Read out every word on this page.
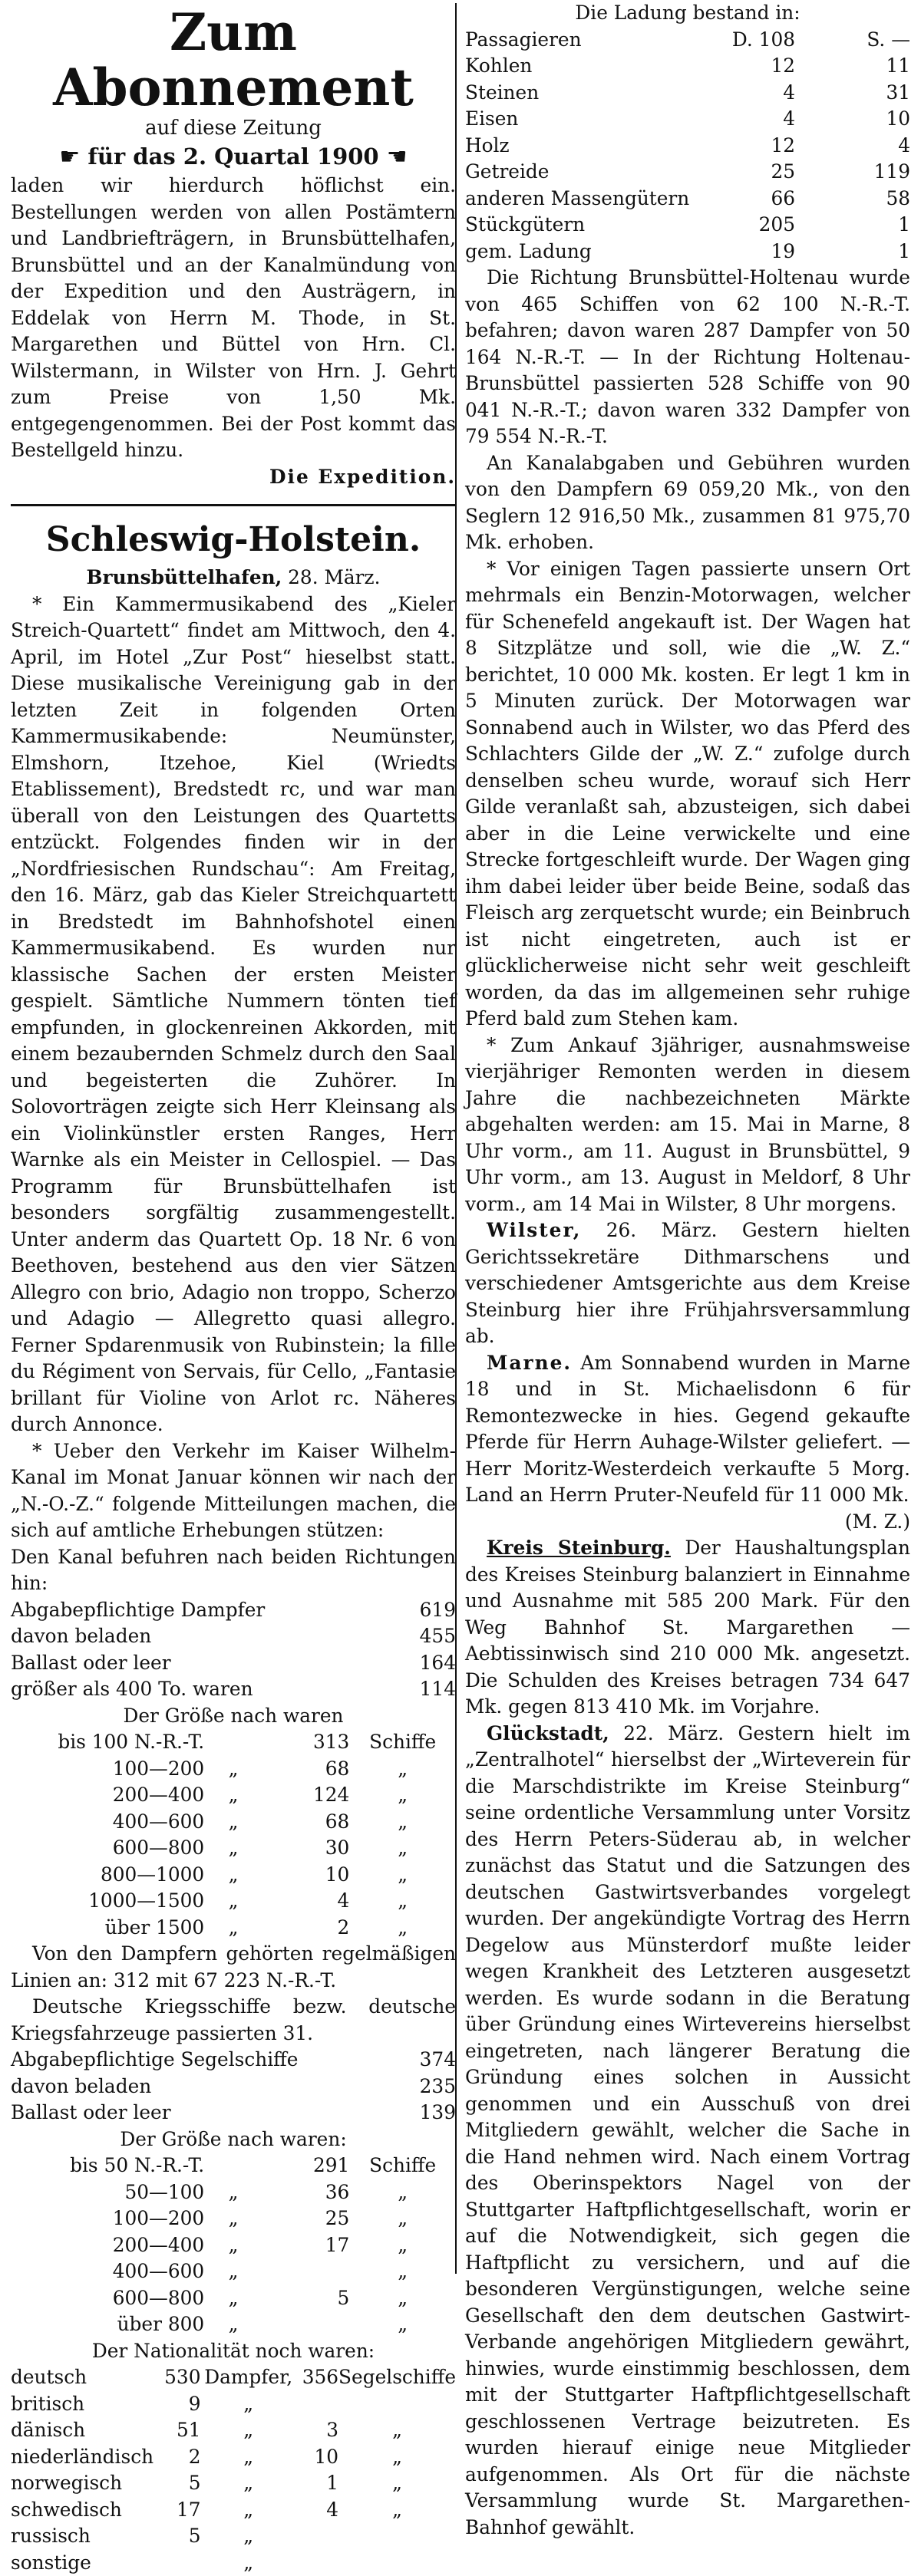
Zum Abonnement
auf diese Zeitung
☛ für das 2. Quartal 1900 ☚

laden wir hierdurch höflichst ein. Bestellungen werden von allen Postämtern und Landbriefträgern, in Brunsbüttelhafen, Brunsbüttel und an der Kanalmündung von der Expedition und den Austrägern, in Eddelak von Herrn M. Thode, in St. Margarethen und Büttel von Hrn. Cl. Wilstermann, in Wilster von Hrn. J. Gehrt zum Preise von 1,50 Mk. entgegengenommen. Bei der Post kommt das Bestellgeld hinzu.

Die Expedition.

Schleswig-Holstein.

Brunsbüttelhafen, 28. März.

* Ein Kammermusikabend des „Kieler Streich-Quartett“ findet am Mittwoch, den 4. April, im Hotel „Zur Post“ hieselbst statt. Diese musikalische Vereinigung gab in der letzten Zeit in folgenden Orten Kammermusikabende: Neumünster, Elmshorn, Itzehoe, Kiel (Wriedts Etablissement), Bredstedt rc, und war man überall von den Leistungen des Quartetts entzückt. Folgendes finden wir in der „Nordfriesischen Rundschau“: Am Freitag, den 16. März, gab das Kieler Streichquartett in Bredstedt im Bahnhofshotel einen Kammermusikabend. Es wurden nur klassische Sachen der ersten Meister gespielt. Sämtliche Nummern tönten tief empfunden, in glockenreinen Akkorden, mit einem bezaubernden Schmelz durch den Saal und begeisterten die Zuhörer. In Solovorträgen zeigte sich Herr Kleinsang als ein Violinkünstler ersten Ranges, Herr Warnke als ein Meister in Cellospiel. — Das Programm für Brunsbüttelhafen ist besonders sorgfältig zusammengestellt. Unter anderm das Quartett Op. 18 Nr. 6 von Beethoven, bestehend aus den vier Sätzen Allegro con brio, Adagio non troppo, Scherzo und Adagio — Allegretto quasi allegro. Ferner Spdarenmusik von Rubinstein; la fille du Régiment von Servais, für Cello, „Fantasie brillant für Violine von Arlot rc. Näheres durch Annonce.

* Ueber den Verkehr im Kaiser Wilhelm-Kanal im Monat Januar können wir nach der „N.-O.-Z.“ folgende Mitteilungen machen, die sich auf amtliche Erhebungen stützen:

Den Kanal befuhren nach beiden Richtungen hin:

Abgabepflichtige Dampfer	619
davon beladen	455
Ballast oder leer	164
größer als 400 To. waren	114

Der Größe nach waren

bis 100 N.-R.-T.		313	Schiffe
100—200	„	68	„
200—400	„	124	„
400—600	„	68	„
600—800	„	30	„
800—1000	„	10	„
1000—1500	„	4	„
über 1500	„	2	„

Von den Dampfern gehörten regelmäßigen Linien an: 312 mit 67 223 N.-R.-T.

Deutsche Kriegsschiffe bezw. deutsche Kriegsfahrzeuge passierten 31.

Abgabepflichtige Segelschiffe	374
davon beladen	235
Ballast oder leer	139

Der Größe nach waren:

bis 50 N.-R.-T.		291	Schiffe
50—100	„	36	„
100—200	„	25	„
200—400	„	17	„
400—600	„		„
600—800	„	5	„
über 800	„		„

Der Nationalität noch waren:

deutsch	530	Dampfer,	356	Segelschiffe
britisch	9	„		
dänisch	51	„	3	„
niederländisch	2	„	10	„
norwegisch	5	„	1	„
schwedisch	17	„	4	„
russisch	5	„		
sonstige		„		

Die Ladung bestand in:

Passagieren	D. 108	S. —
Kohlen	12	11
Steinen	4	31
Eisen	4	10
Holz	12	4
Getreide	25	119
anderen Massengütern	66	58
Stückgütern	205	1
gem. Ladung	19	1

Die Richtung Brunsbüttel-Holtenau wurde von 465 Schiffen von 62 100 N.-R.-T. befahren; davon waren 287 Dampfer von 50 164 N.-R.-T. — In der Richtung Holtenau-Brunsbüttel passierten 528 Schiffe von 90 041 N.-R.-T.; davon waren 332 Dampfer von 79 554 N.-R.-T.

An Kanalabgaben und Gebühren wurden von den Dampfern 69 059,20 Mk., von den Seglern 12 916,50 Mk., zusammen 81 975,70 Mk. erhoben.

* Vor einigen Tagen passierte unsern Ort mehrmals ein Benzin-Motorwagen, welcher für Schenefeld angekauft ist. Der Wagen hat 8 Sitzplätze und soll, wie die „W. Z.“ berichtet, 10 000 Mk. kosten. Er legt 1 km in 5 Minuten zurück. Der Motorwagen war Sonnabend auch in Wilster, wo das Pferd des Schlachters Gilde der „W. Z.“ zufolge durch denselben scheu wurde, worauf sich Herr Gilde veranlaßt sah, abzusteigen, sich dabei aber in die Leine verwickelte und eine Strecke fortgeschleift wurde. Der Wagen ging ihm dabei leider über beide Beine, sodaß das Fleisch arg zerquetscht wurde; ein Beinbruch ist nicht eingetreten, auch ist er glücklicherweise nicht sehr weit geschleift worden, da das im allgemeinen sehr ruhige Pferd bald zum Stehen kam.

* Zum Ankauf 3jähriger, ausnahmsweise vierjähriger Remonten werden in diesem Jahre die nachbezeichneten Märkte abgehalten werden: am 15. Mai in Marne, 8 Uhr vorm., am 11. August in Brunsbüttel, 9 Uhr vorm., am 13. August in Meldorf, 8 Uhr vorm., am 14 Mai in Wilster, 8 Uhr morgens.

Wilster, 26. März. Gestern hielten Gerichtssekretäre Dithmarschens und verschiedener Amtsgerichte aus dem Kreise Steinburg hier ihre Frühjahrsversammlung ab.

Marne. Am Sonnabend wurden in Marne 18 und in St. Michaelisdonn 6 für Remontezwecke in hies. Gegend gekaufte Pferde für Herrn Auhage-Wilster geliefert. — Herr Moritz-Westerdeich verkaufte 5 Morg. Land an Herrn Pruter-Neufeld für 11 000 Mk.

(M. Z.)

Kreis Steinburg. Der Haushaltungsplan des Kreises Steinburg balanziert in Einnahme und Ausnahme mit 585 200 Mark. Für den Weg Bahnhof St. Margarethen — Aebtissinwisch sind 210 000 Mk. angesetzt. Die Schulden des Kreises betragen 734 647 Mk. gegen 813 410 Mk. im Vorjahre.

Glückstadt, 22. März. Gestern hielt im „Zentralhotel“ hierselbst der „Wirteverein für die Marschdistrikte im Kreise Steinburg“ seine ordentliche Versammlung unter Vorsitz des Herrn Peters-Süderau ab, in welcher zunächst das Statut und die Satzungen des deutschen Gastwirtsverbandes vorgelegt wurden. Der angekündigte Vortrag des Herrn Degelow aus Münsterdorf mußte leider wegen Krankheit des Letzteren ausgesetzt werden. Es wurde sodann in die Beratung über Gründung eines Wirtevereins hierselbst eingetreten, nach längerer Beratung die Gründung eines solchen in Aussicht genommen und ein Ausschuß von drei Mitgliedern gewählt, welcher die Sache in die Hand nehmen wird. Nach einem Vortrag des Oberinspektors Nagel von der Stuttgarter Haftpflichtgesellschaft, worin er auf die Notwendigkeit, sich gegen die Haftpflicht zu versichern, und auf die besonderen Vergünstigungen, welche seine Gesellschaft den dem deutschen Gastwirt-Verbande angehörigen Mitgliedern gewährt, hinwies, wurde einstimmig beschlossen, dem mit der Stuttgarter Haftpflichtgesellschaft geschlossenen Vertrage beizutreten. Es wurden hierauf einige neue Mitglieder aufgenommen. Als Ort für die nächste Versammlung wurde St. Margarethen-Bahnhof gewählt.
